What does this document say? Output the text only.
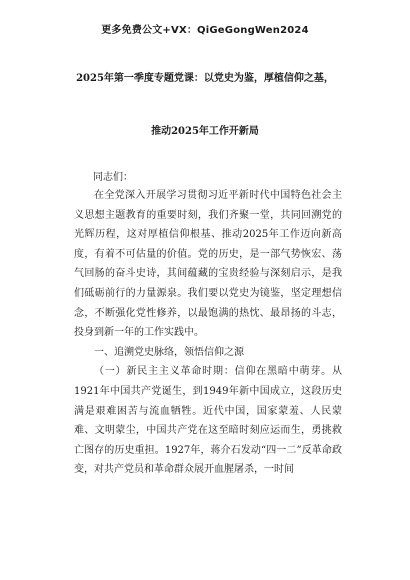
更多免费公文+VX：QiGeGongWen2024
2025年第一季度专题党课：以党史为鉴，厚植信仰之基，
推动2025年工作开新局
同志们：

在全党深入开展学习贯彻习近平新时代中国特色社会主义思想主题教育的重要时刻，我们齐聚一堂，共同回溯党的光辉历程，这对厚植信仰根基、推动2025年工作迈向新高度，有着不可估量的价值。党的历史，是一部气势恢宏、荡气回肠的奋斗史诗，其间蕴藏的宝贵经验与深刻启示，是我们砥砺前行的力量源泉。我们要以党史为镜鉴，坚定理想信念，不断强化党性修养，以最饱满的热忱、最昂扬的斗志，投身到新一年的工作实践中。

一、追溯党史脉络，领悟信仰之源

（一）新民主主义革命时期：信仰在黑暗中萌芽。从1921年中国共产党诞生，到1949年新中国成立，这段历史满是艰难困苦与流血牺牲。近代中国，国家蒙羞、人民蒙难、文明蒙尘，中国共产党在这至暗时刻应运而生，勇挑救亡图存的历史重担。1927年，蒋介石发动“四一二”反革命政变，对共产党员和革命群众展开血腥屠杀，一时间
